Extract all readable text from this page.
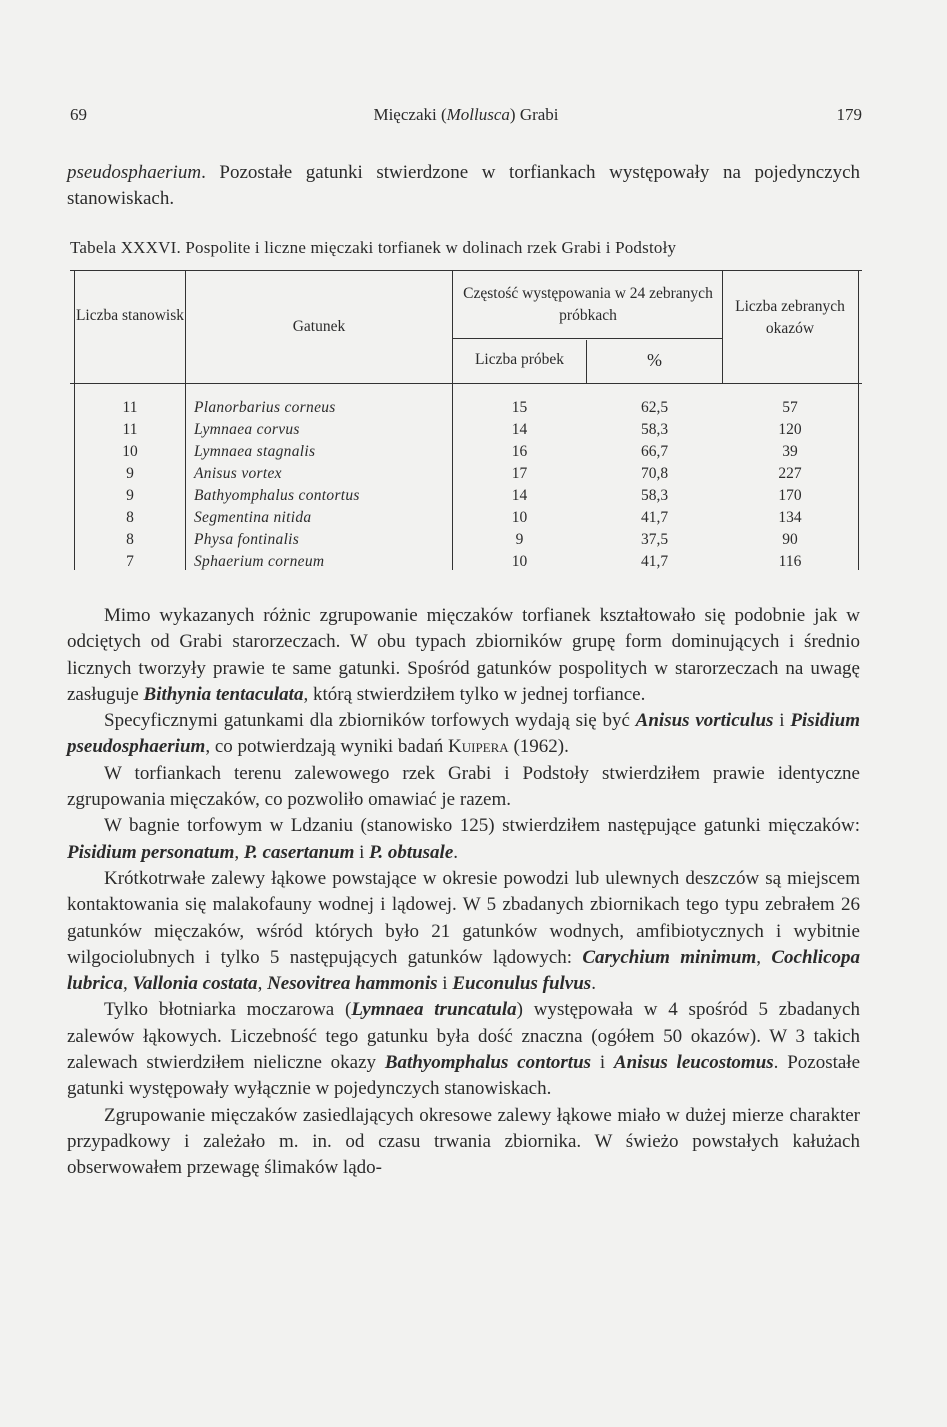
69	Mięczaki (Mollusca) Grabi	179

pseudosphaerium. Pozostałe gatunki stwierdzone w torfiankach występowały na pojedynczych stanowiskach.

Tabela XXXVI. Pospolite i liczne mięczaki torfianek w dolinach rzek Grabi i Podstoły
Liczba stanowisk
Gatunek
Częstość występowania w 24 zebranych próbkach
Liczba próbek	%
Liczba zebranych okazów
11	Planorbarius corneus	15	62,5	57
11	Lymnaea corvus	14	58,3	120
10	Lymnaea stagnalis	16	66,7	39
9	Anisus vortex	17	70,8	227
9	Bathyomphalus contortus	14	58,3	170
8	Segmentina nitida	10	41,7	134
8	Physa fontinalis	9	37,5	90
7	Sphaerium corneum	10	41,7	116

Mimo wykazanych różnic zgrupowanie mięczaków torfianek kształtowało się podobnie jak w odciętych od Grabi starorzeczach. W obu typach zbiorników grupę form dominujących i średnio licznych tworzyły prawie te same gatunki. Spośród gatunków pospolitych w starorzeczach na uwagę zasługuje Bithynia tentaculata, którą stwierdziłem tylko w jednej torfiance.

Specyficznymi gatunkami dla zbiorników torfowych wydają się być Anisus vorticulus i Pisidium pseudosphaerium, co potwierdzają wyniki badań Kuipera (1962).

W torfiankach terenu zalewowego rzek Grabi i Podstoły stwierdziłem prawie identyczne zgrupowania mięczaków, co pozwoliło omawiać je razem.

W bagnie torfowym w Ldzaniu (stanowisko 125) stwierdziłem następujące gatunki mięczaków: Pisidium personatum, P. casertanum i P. obtusale.

Krótkotrwałe zalewy łąkowe powstające w okresie powodzi lub ulewnych deszczów są miejscem kontaktowania się malakofauny wodnej i lądowej. W 5 zbadanych zbiornikach tego typu zebrałem 26 gatunków mięczaków, wśród których było 21 gatunków wodnych, amfibiotycznych i wybitnie wilgociolubnych i tylko 5 następujących gatunków lądowych: Carychium minimum, Cochlicopa lubrica, Vallonia costata, Nesovitrea hammonis i Euconulus fulvus.

Tylko błotniarka moczarowa (Lymnaea truncatula) występowała w 4 spośród 5 zbadanych zalewów łąkowych. Liczebność tego gatunku była dość znaczna (ogółem 50 okazów). W 3 takich zalewach stwierdziłem nieliczne okazy Bathyomphalus contortus i Anisus leucostomus. Pozostałe gatunki występowały wyłącznie w pojedynczych stanowiskach.

Zgrupowanie mięczaków zasiedlających okresowe zalewy łąkowe miało w dużej mierze charakter przypadkowy i zależało m. in. od czasu trwania zbiornika. W świeżo powstałych kałużach obserwowałem przewagę ślimaków lądo-
